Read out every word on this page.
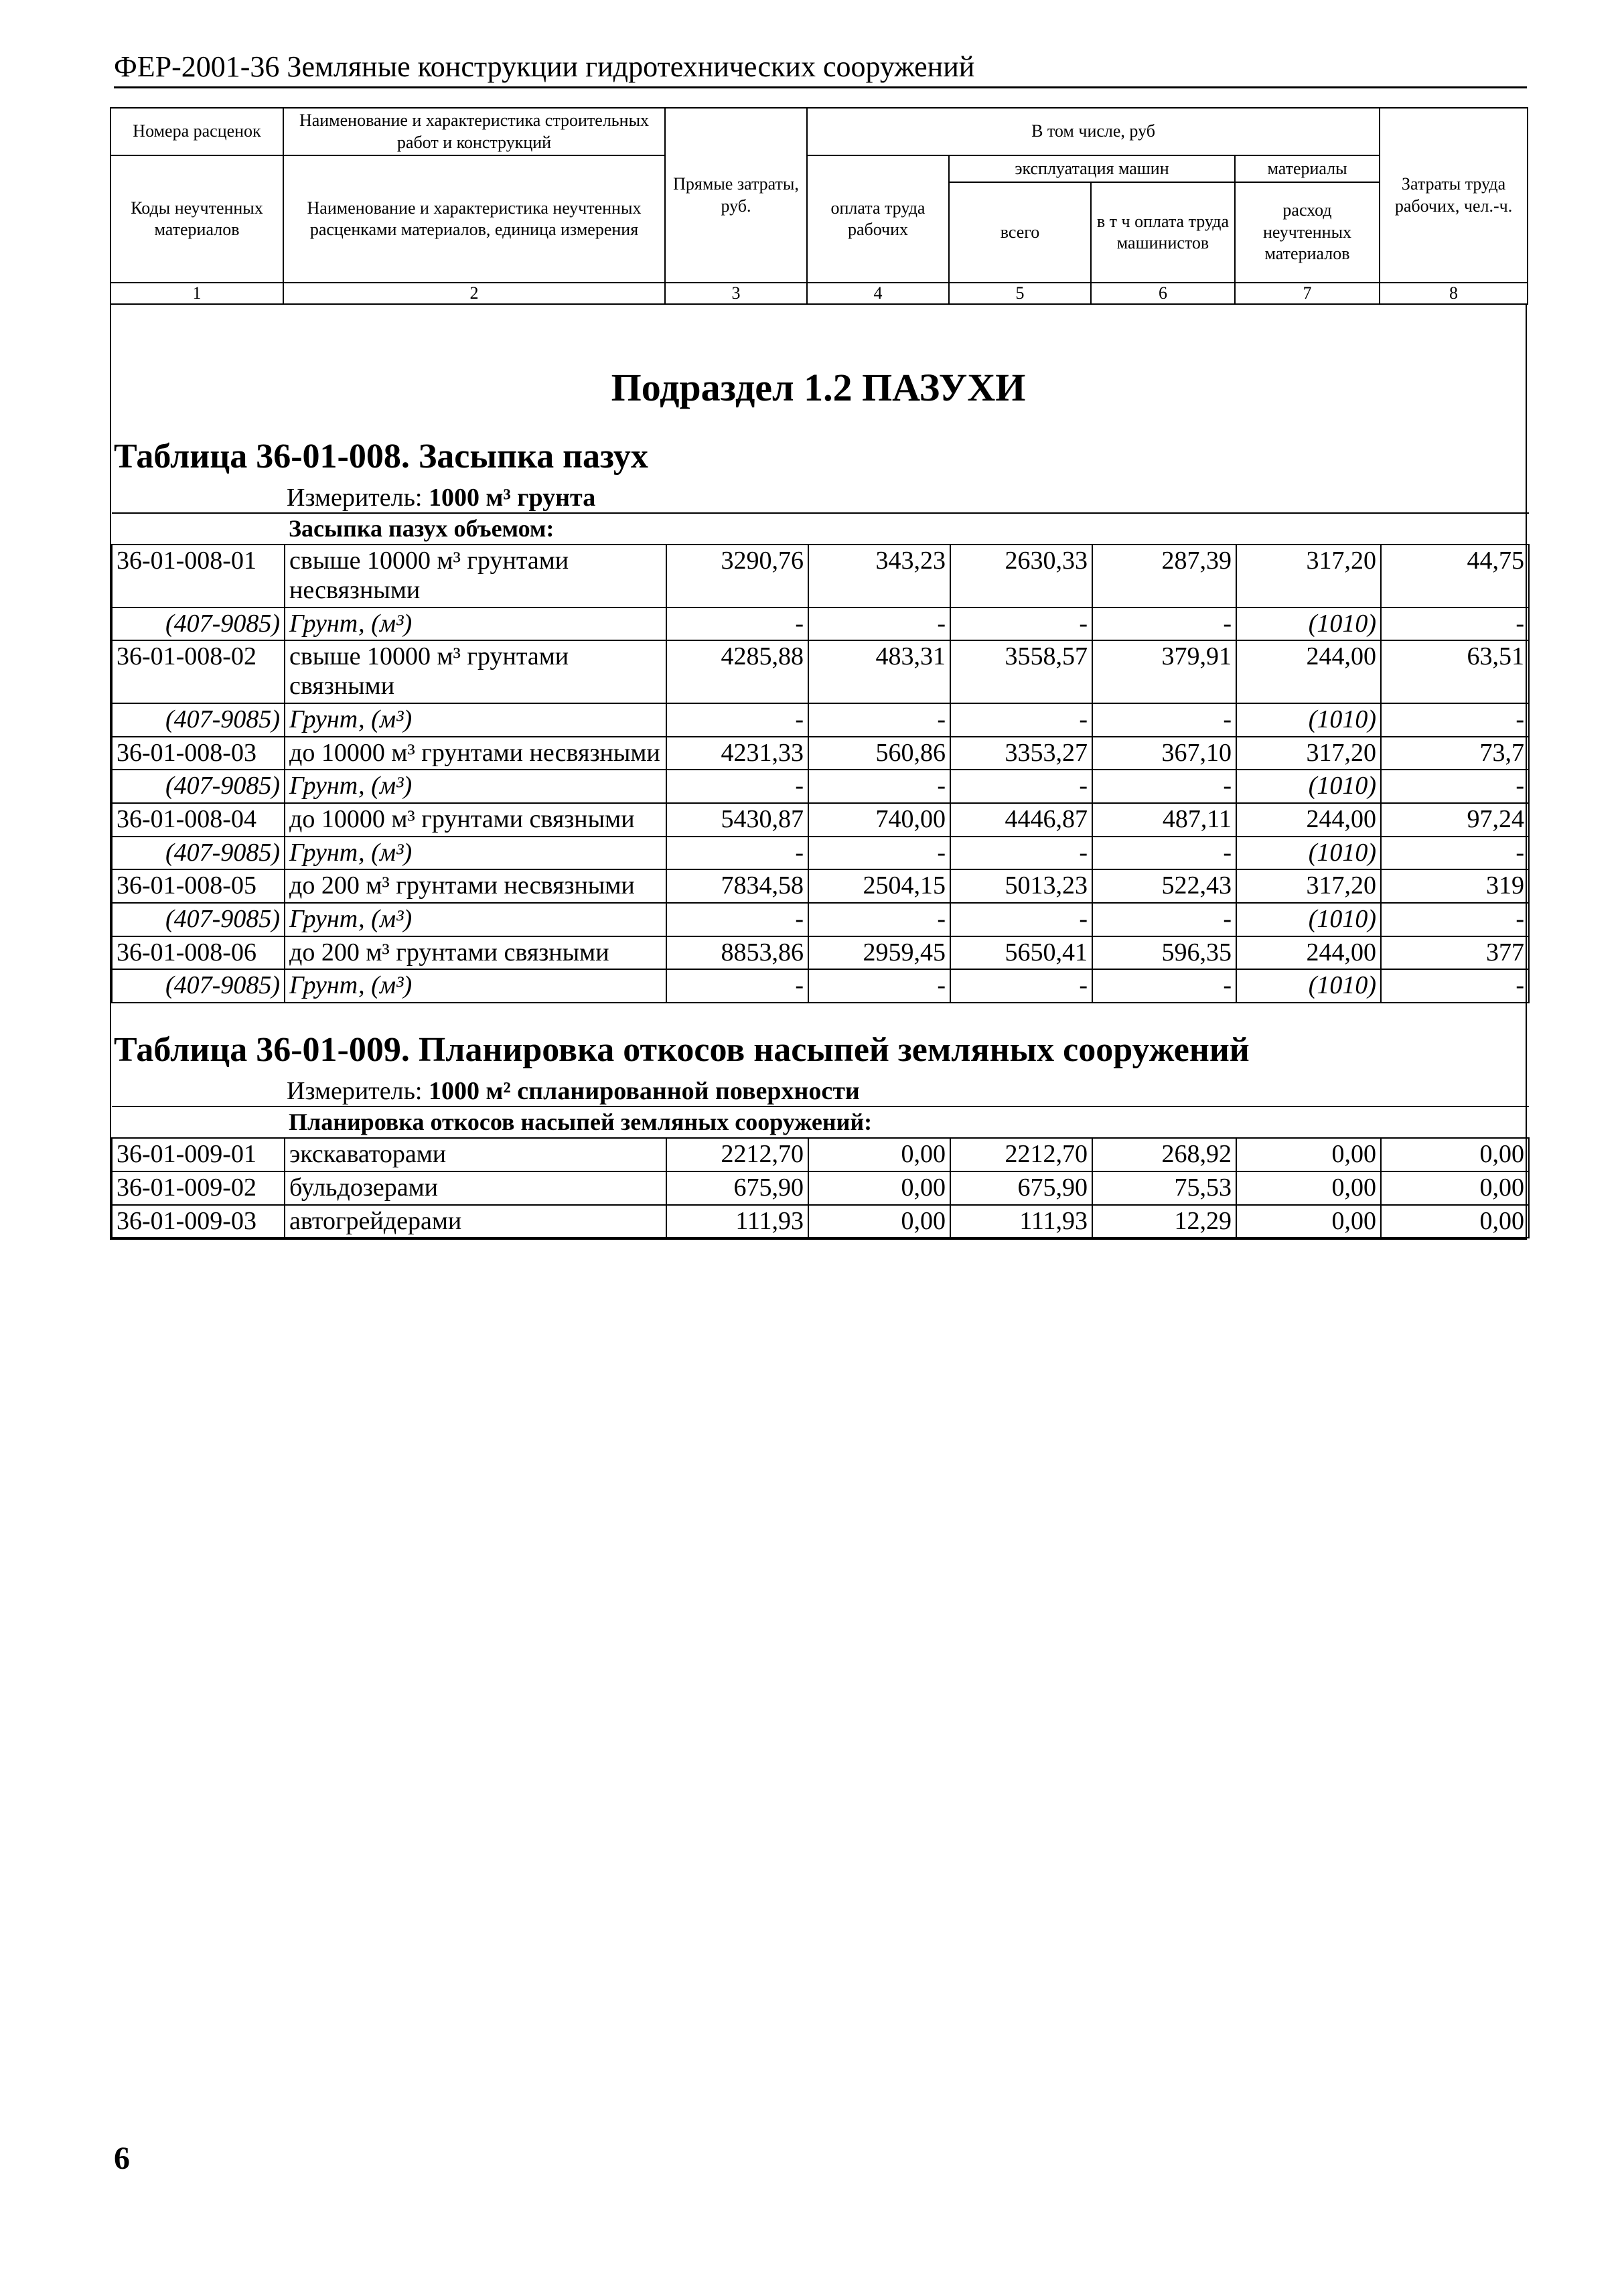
ФЕР-2001-36 Земляные конструкции гидротехнических сооружений
Номера расценок	Наименование и характеристика строительных работ и конструкций	Прямые затраты, руб.	В том числе, руб				Затраты труда рабочих, чел.-ч.
Коды неучтенных материалов	Наименование и характеристика неучтенных расценками материалов, единица измерения		оплата труда рабочих	эксплуатация машин		материалы	
				всего	в т ч оплата труда машинистов	расход неучтенных материалов	
1	2	3	4	5	6	7	8
Подраздел 1.2 ПАЗУХИ
Таблица 36-01-008. Засыпка пазух
Измеритель: 1000 м³ грунта
	Засыпка пазух объемом:						
36-01-008-01	свыше 10000 м³ грунтами несвязными	3290,76	343,23	2630,33	287,39	317,20	44,75
(407-9085)	Грунт, (м³)	-	-	-	-	(1010)	-
36-01-008-02	свыше 10000 м³ грунтами связными	4285,88	483,31	3558,57	379,91	244,00	63,51
(407-9085)	Грунт, (м³)	-	-	-	-	(1010)	-
36-01-008-03	до 10000 м³ грунтами несвязными	4231,33	560,86	3353,27	367,10	317,20	73,7
(407-9085)	Грунт, (м³)	-	-	-	-	(1010)	-
36-01-008-04	до 10000 м³ грунтами связными	5430,87	740,00	4446,87	487,11	244,00	97,24
(407-9085)	Грунт, (м³)	-	-	-	-	(1010)	-
36-01-008-05	до 200 м³ грунтами несвязными	7834,58	2504,15	5013,23	522,43	317,20	319
(407-9085)	Грунт, (м³)	-	-	-	-	(1010)	-
36-01-008-06	до 200 м³ грунтами связными	8853,86	2959,45	5650,41	596,35	244,00	377
(407-9085)	Грунт, (м³)	-	-	-	-	(1010)	-
Таблица 36-01-009. Планировка откосов насыпей земляных сооружений
Измеритель: 1000 м² спланированной поверхности
	Планировка откосов насыпей земляных сооружений:						
36-01-009-01	экскаваторами	2212,70	0,00	2212,70	268,92	0,00	0,00
36-01-009-02	бульдозерами	675,90	0,00	675,90	75,53	0,00	0,00
36-01-009-03	автогрейдерами	111,93	0,00	111,93	12,29	0,00	0,00
6
